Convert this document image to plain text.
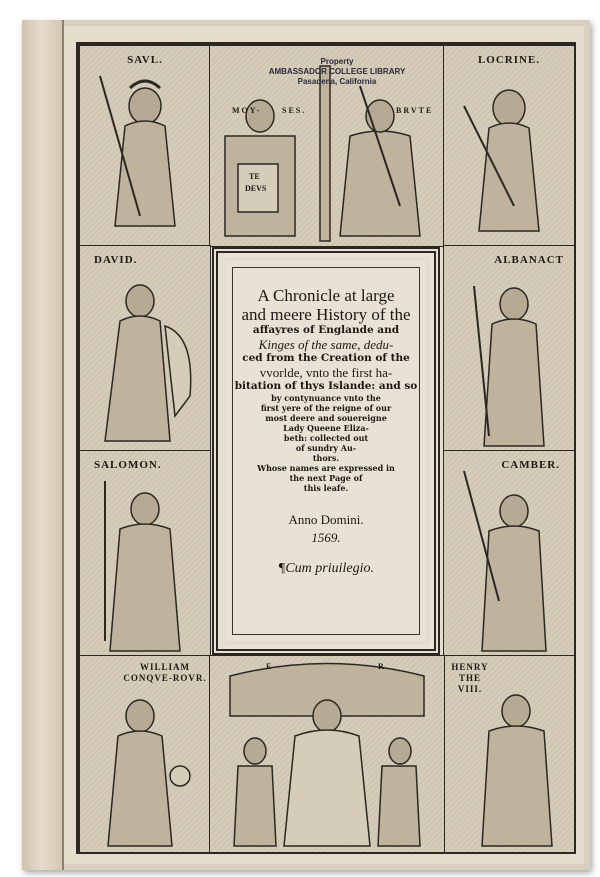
SAVL.
MOY-	SES.	BRVTE
TE
DEVS
LOCRINE.
DAVID.
SALOMON.
WILLIAM CONQVE-ROVR.
ALBANACT
CAMBER.
HENRY THE VIII.
E	R
A Chronicle at large
and meere History of the
affayres of Englande and
Kinges of the same, dedu-
ced from the Creation of the
vvorlde, vnto the first ha-
bitation of thys Islande: and so
by contynuance vnto the
first yere of the reigne of our
most deere and souereigne
Lady Queene Eliza-
beth: collected out
of sundry Au-
thors.
Whose names are expressed in
the next Page of
this leafe.
Anno Domini.
1569.
¶Cum priuilegio.
Property
AMBASSADOR COLLEGE LIBRARY
Pasadena, California
